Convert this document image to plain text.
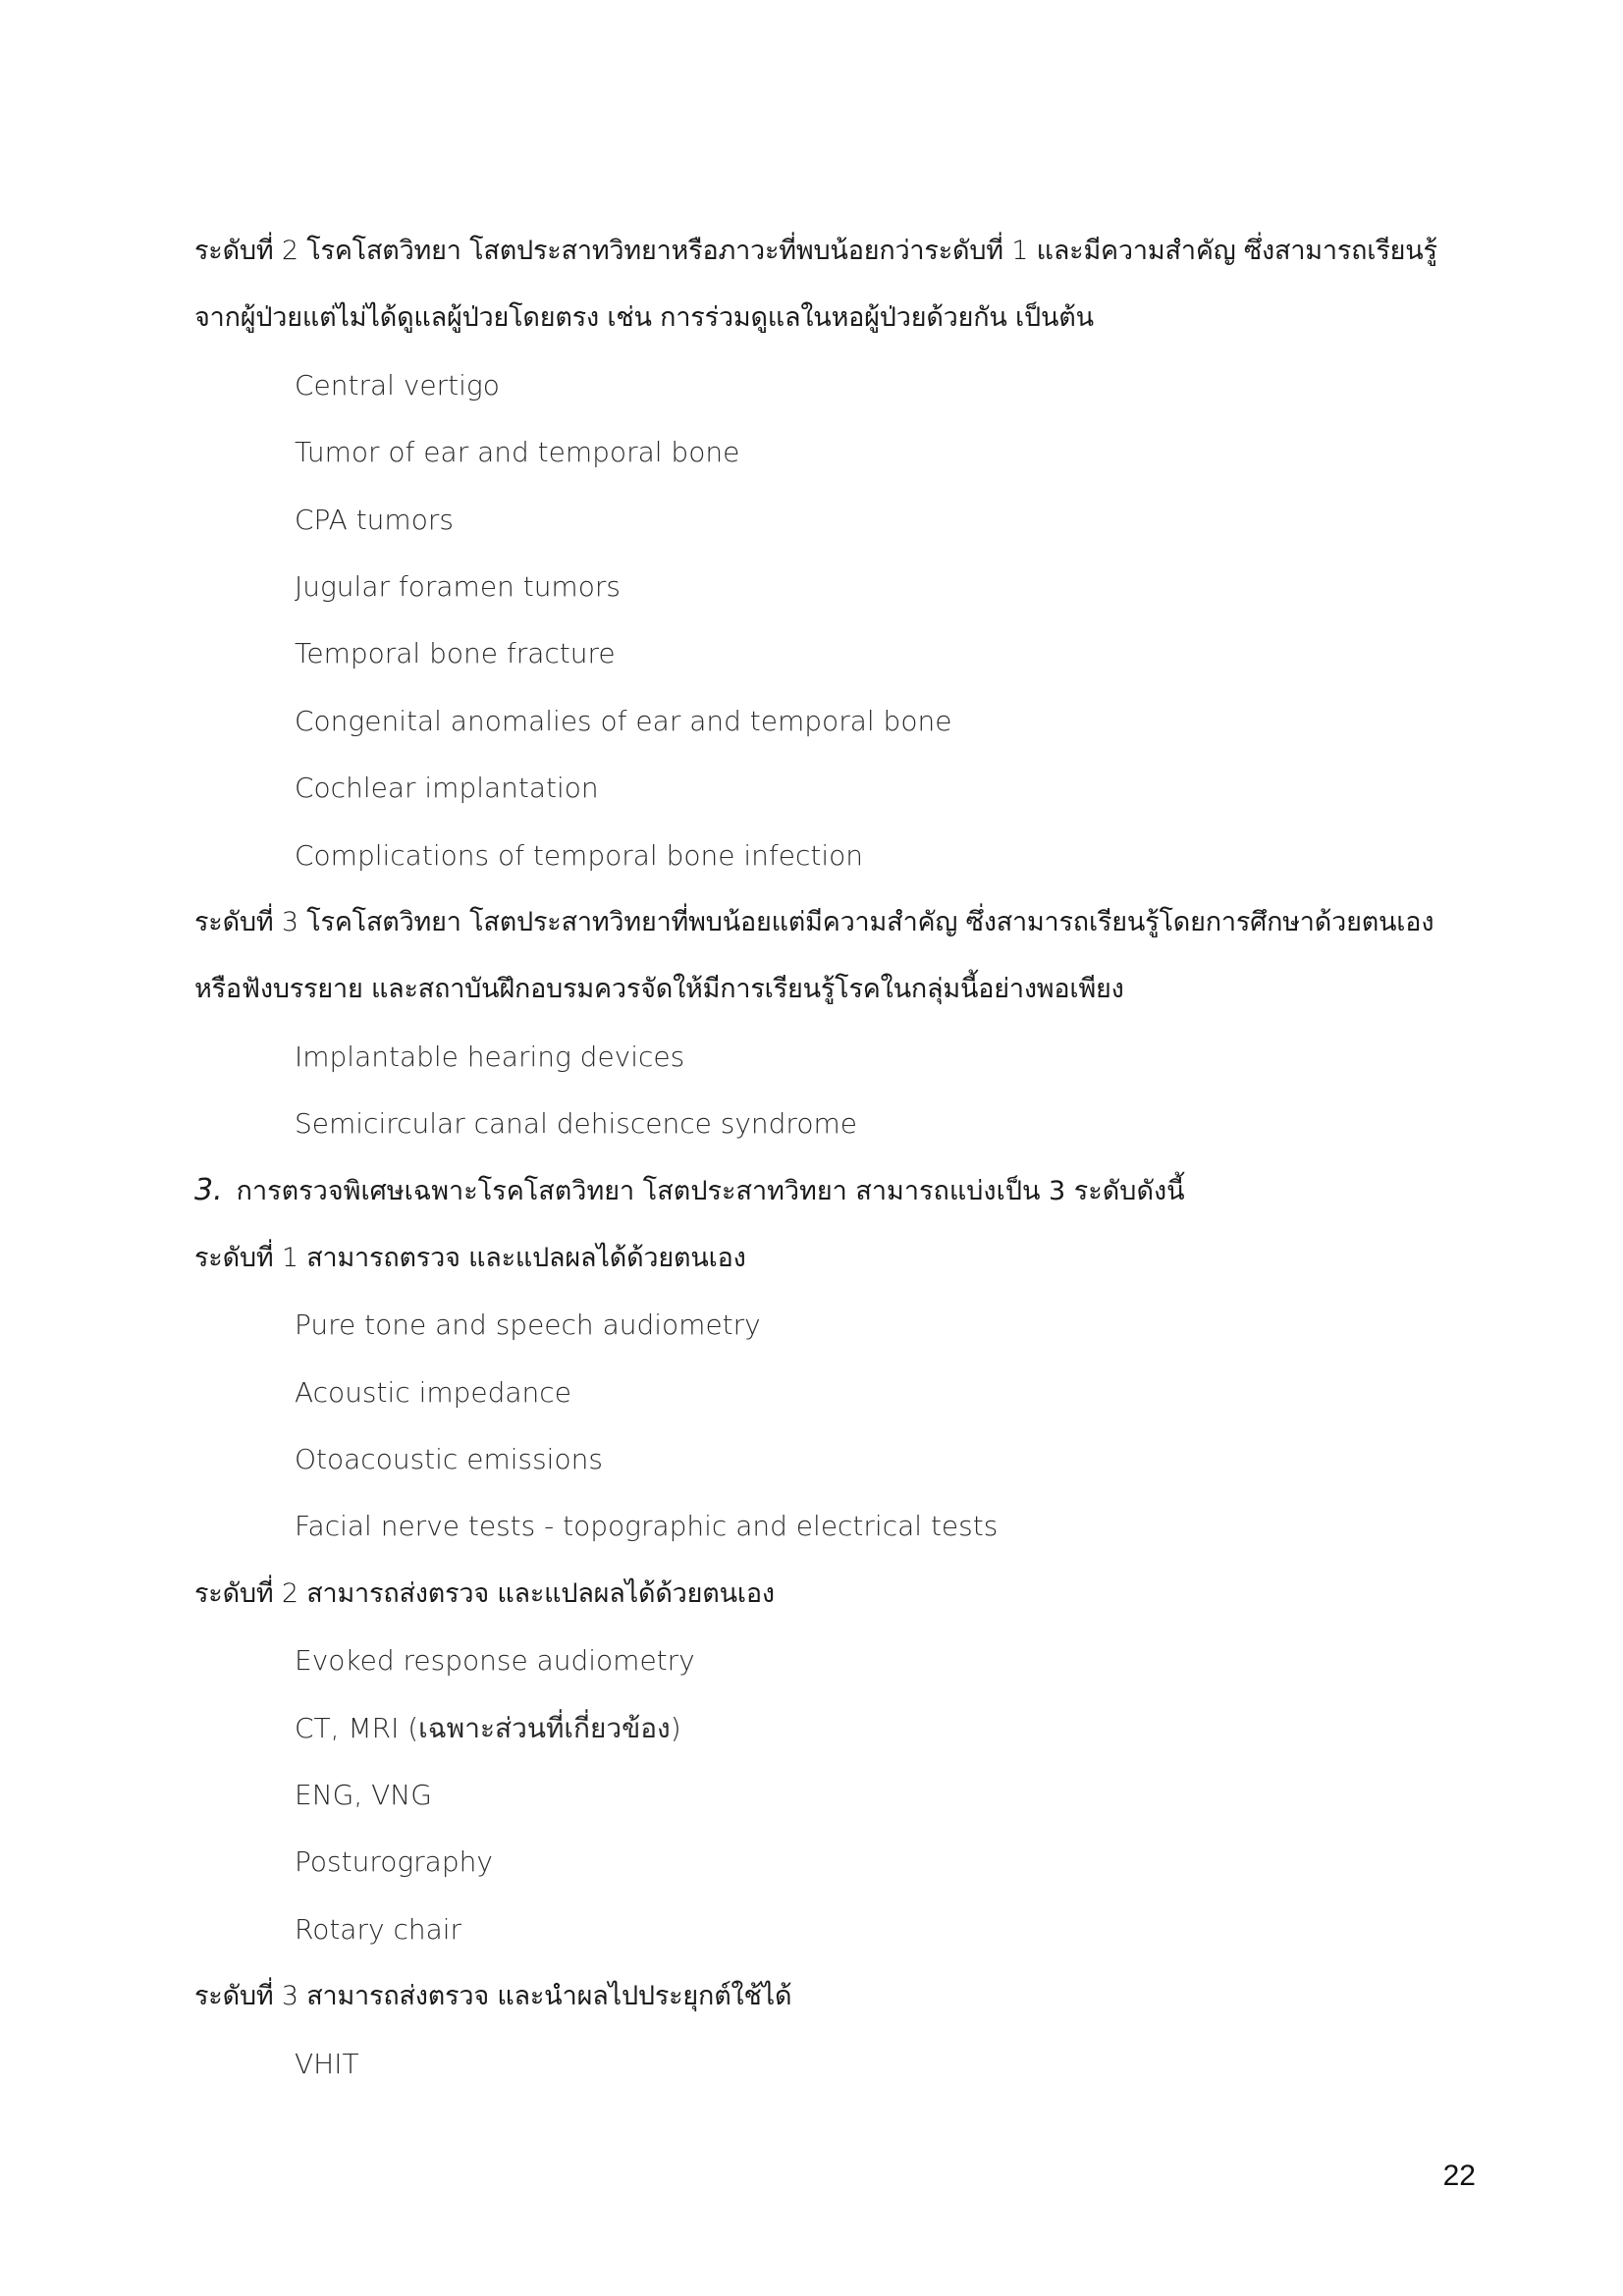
ระดับที่ 2 โรคโสตวิทยา โสตประสาทวิทยาหรือภาวะที่พบน้อยกว่าระดับที่ 1 และมีความสำคัญ ซึ่งสามารถเรียนรู้
จากผู้ป่วยแต่ไม่ได้ดูแลผู้ป่วยโดยตรง เช่น การร่วมดูแลในหอผู้ป่วยด้วยกัน เป็นต้น
Central vertigo
Tumor of ear and temporal bone
CPA tumors
Jugular foramen tumors
Temporal bone fracture
Congenital anomalies of ear and temporal bone
Cochlear implantation
Complications of temporal bone infection
ระดับที่ 3 โรคโสตวิทยา โสตประสาทวิทยาที่พบน้อยแต่มีความสำคัญ ซึ่งสามารถเรียนรู้โดยการศึกษาด้วยตนเอง
หรือฟังบรรยาย และสถาบันฝึกอบรมควรจัดให้มีการเรียนรู้โรคในกลุ่มนี้อย่างพอเพียง
Implantable hearing devices
Semicircular canal dehiscence syndrome
3. การตรวจพิเศษเฉพาะโรคโสตวิทยา โสตประสาทวิทยา สามารถแบ่งเป็น 3 ระดับดังนี้
ระดับที่ 1 สามารถตรวจ และแปลผลได้ด้วยตนเอง
Pure tone and speech audiometry
Acoustic impedance
Otoacoustic emissions
Facial nerve tests - topographic and electrical tests
ระดับที่ 2 สามารถส่งตรวจ และแปลผลได้ด้วยตนเอง
Evoked response audiometry
CT, MRI (เฉพาะส่วนที่เกี่ยวข้อง)
ENG, VNG
Posturography
Rotary chair
ระดับที่ 3 สามารถส่งตรวจ และนำผลไปประยุกต์ใช้ได้
VHIT
22
